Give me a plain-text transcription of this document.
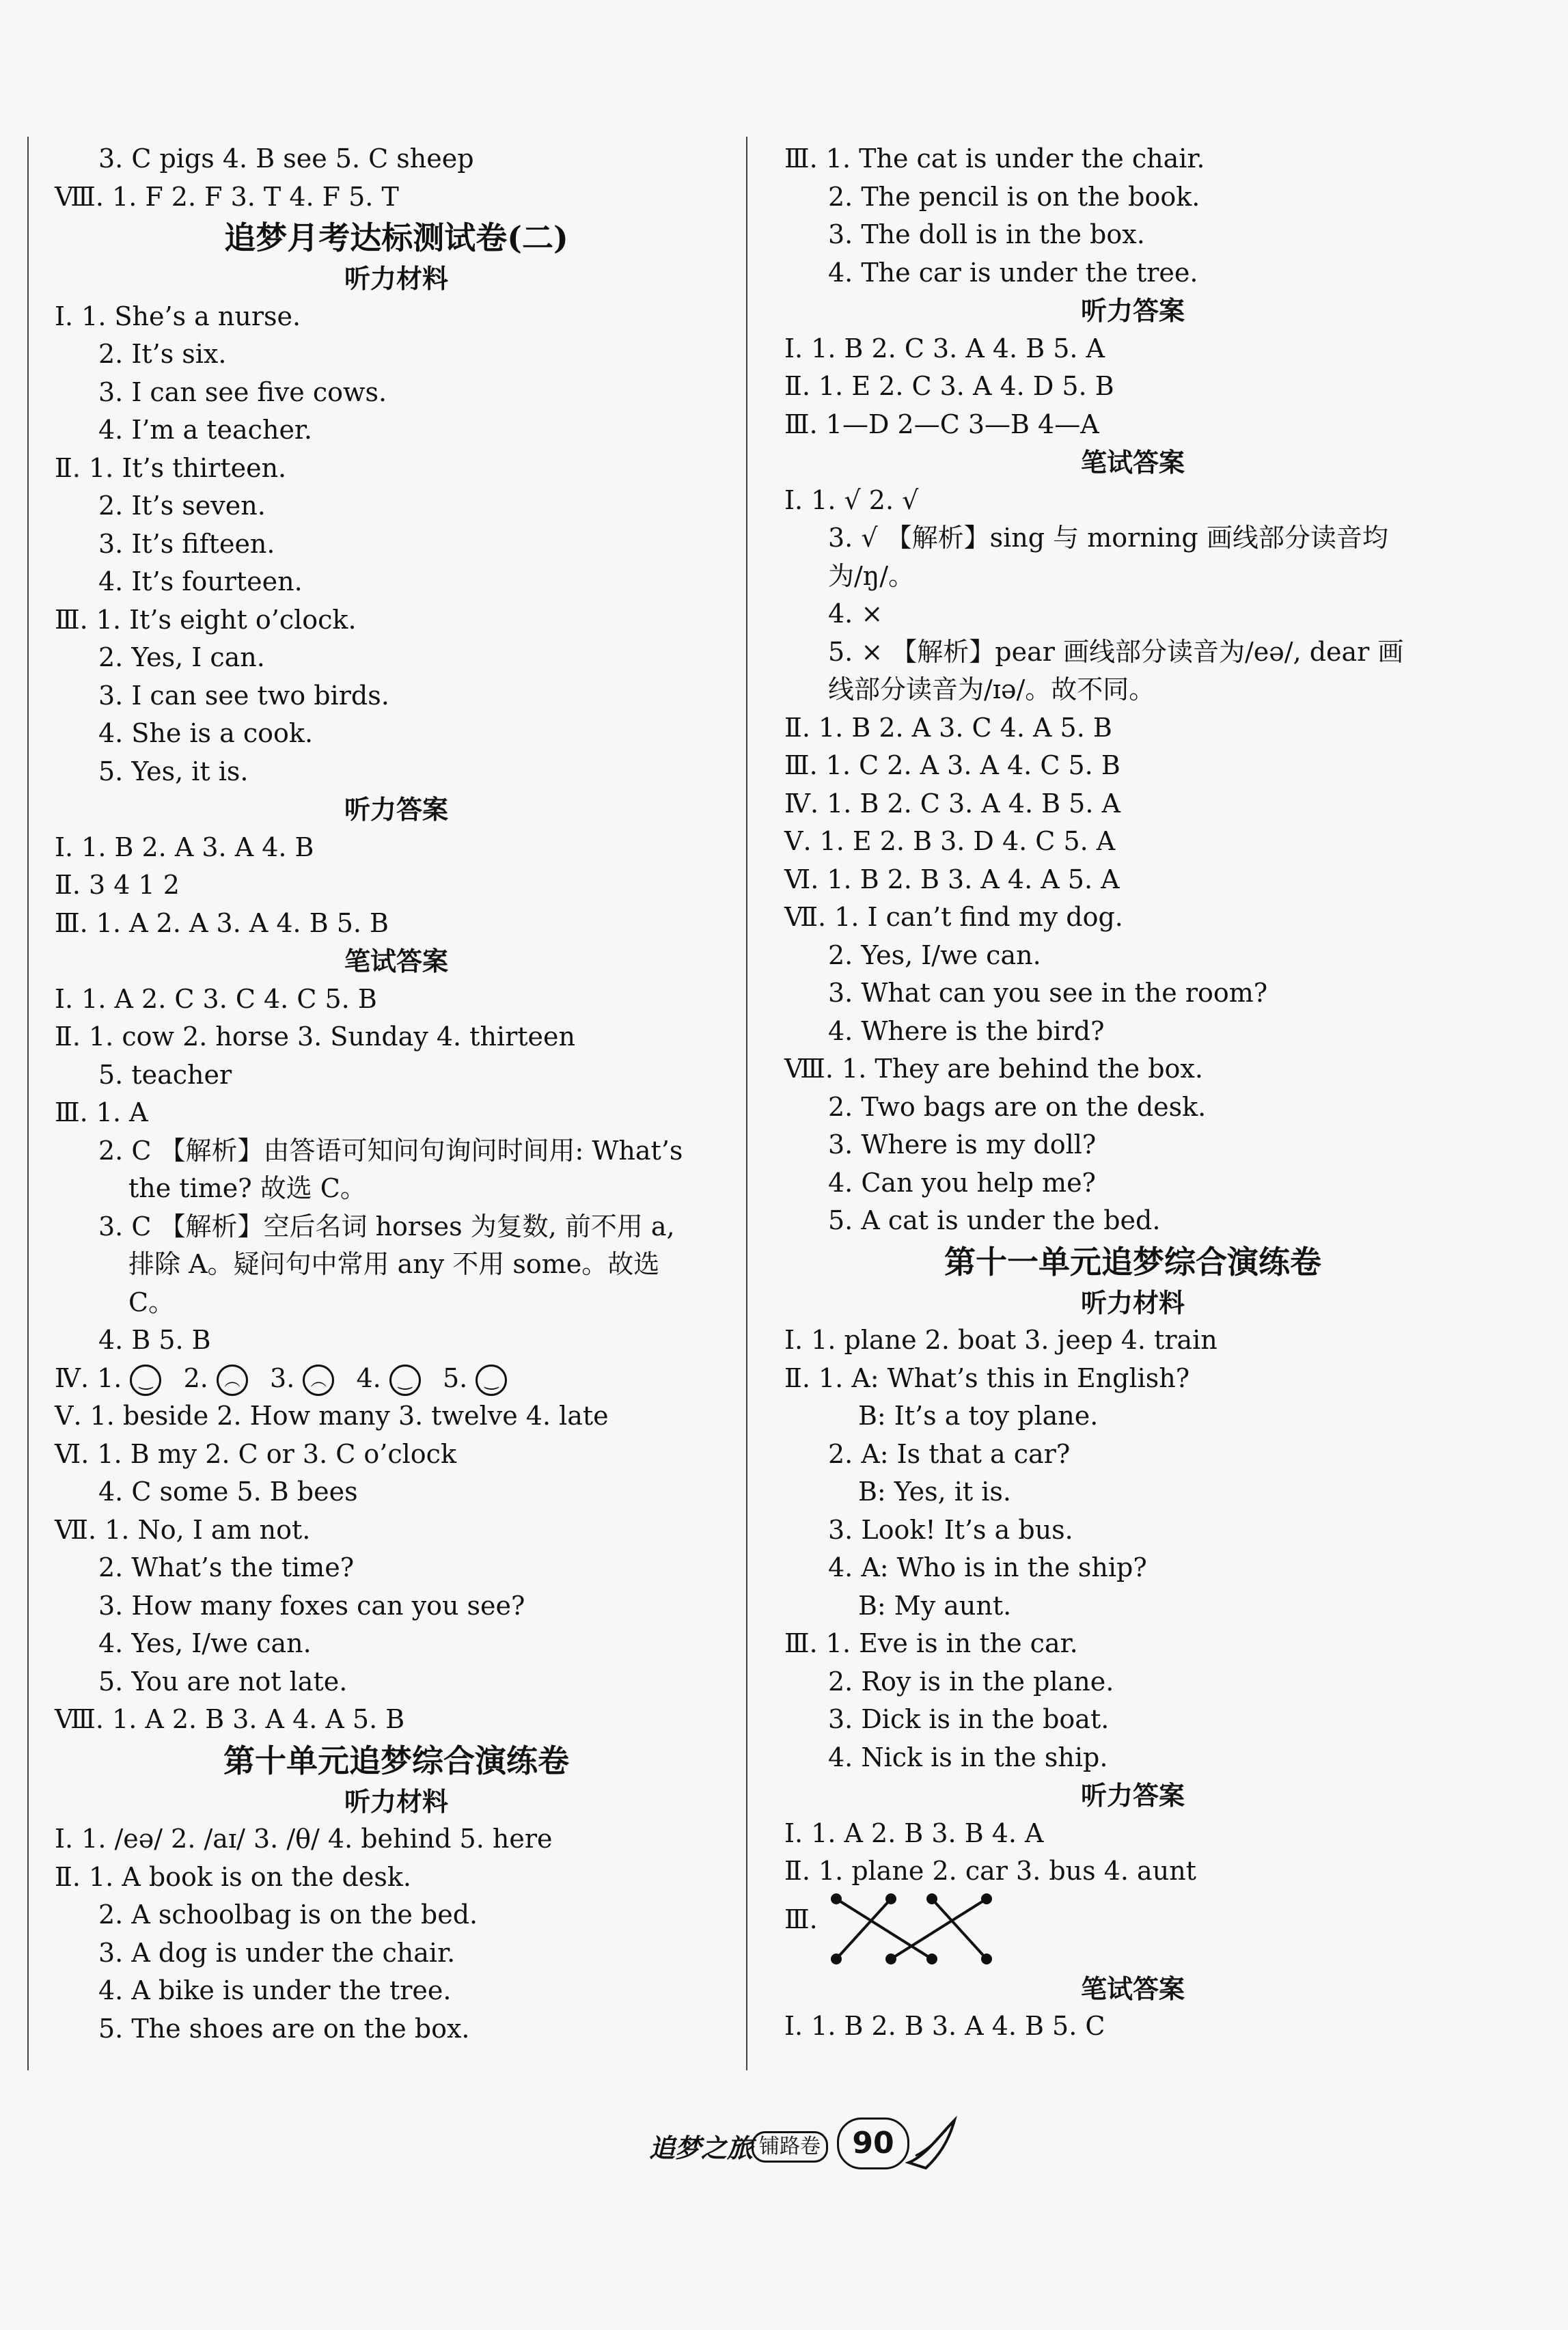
3. C pigs 4. B see 5. C sheep
Ⅷ. 1. F 2. F 3. T 4. F 5. T
追梦月考达标测试卷(二)
听力材料
Ⅰ. 1. She’s a nurse.
2. It’s six.
3. I can see five cows.
4. I’m a teacher.
Ⅱ. 1. It’s thirteen.
2. It’s seven.
3. It’s fifteen.
4. It’s fourteen.
Ⅲ. 1. It’s eight o’clock.
2. Yes, I can.
3. I can see two birds.
4. She is a cook.
5. Yes, it is.
听力答案
Ⅰ. 1. B 2. A 3. A 4. B
Ⅱ. 3 4 1 2
Ⅲ. 1. A 2. A 3. A 4. B 5. B
笔试答案
Ⅰ. 1. A 2. C 3. C 4. C 5. B
Ⅱ. 1. cow 2. horse 3. Sunday 4. thirteen
5. teacher
Ⅲ. 1. A
2. C 【解析】由答语可知问句询问时间用: What’s
the time? 故选 C。
3. C 【解析】空后名词 horses 为复数, 前不用 a,
排除 A。疑问句中常用 any 不用 some。故选
C。
4. B 5. B
Ⅳ. 1. ‿ 2. ︵ 3. ︵ 4. ‿ 5. ‿
Ⅴ. 1. beside 2. How many 3. twelve 4. late
Ⅵ. 1. B my 2. C or 3. C o’clock
4. C some 5. B bees
Ⅶ. 1. No, I am not.
2. What’s the time?
3. How many foxes can you see?
4. Yes, I/we can.
5. You are not late.
Ⅷ. 1. A 2. B 3. A 4. A 5. B
第十单元追梦综合演练卷
听力材料
Ⅰ. 1. /eə/ 2. /aɪ/ 3. /θ/ 4. behind 5. here
Ⅱ. 1. A book is on the desk.
2. A schoolbag is on the bed.
3. A dog is under the chair.
4. A bike is under the tree.
5. The shoes are on the box.
Ⅲ. 1. The cat is under the chair.
2. The pencil is on the book.
3. The doll is in the box.
4. The car is under the tree.
听力答案
Ⅰ. 1. B 2. C 3. A 4. B 5. A
Ⅱ. 1. E 2. C 3. A 4. D 5. B
Ⅲ. 1—D 2—C 3—B 4—A
笔试答案
Ⅰ. 1. √ 2. √
3. √ 【解析】sing 与 morning 画线部分读音均
为/ŋ/。
4. ×
5. × 【解析】pear 画线部分读音为/eə/, dear 画
线部分读音为/ɪə/。故不同。
Ⅱ. 1. B 2. A 3. C 4. A 5. B
Ⅲ. 1. C 2. A 3. A 4. C 5. B
Ⅳ. 1. B 2. C 3. A 4. B 5. A
Ⅴ. 1. E 2. B 3. D 4. C 5. A
Ⅵ. 1. B 2. B 3. A 4. A 5. A
Ⅶ. 1. I can’t find my dog.
2. Yes, I/we can.
3. What can you see in the room?
4. Where is the bird?
Ⅷ. 1. They are behind the box.
2. Two bags are on the desk.
3. Where is my doll?
4. Can you help me?
5. A cat is under the bed.
第十一单元追梦综合演练卷
听力材料
Ⅰ. 1. plane 2. boat 3. jeep 4. train
Ⅱ. 1. A: What’s this in English?
B: It’s a toy plane.
2. A: Is that a car?
B: Yes, it is.
3. Look! It’s a bus.
4. A: Who is in the ship?
B: My aunt.
Ⅲ. 1. Eve is in the car.
2. Roy is in the plane.
3. Dick is in the boat.
4. Nick is in the ship.
听力答案
Ⅰ. 1. A 2. B 3. B 4. A
Ⅱ. 1. plane 2. car 3. bus 4. aunt
Ⅲ.
笔试答案
Ⅰ. 1. B 2. B 3. A 4. B 5. C
追梦之旅 铺路卷	90
